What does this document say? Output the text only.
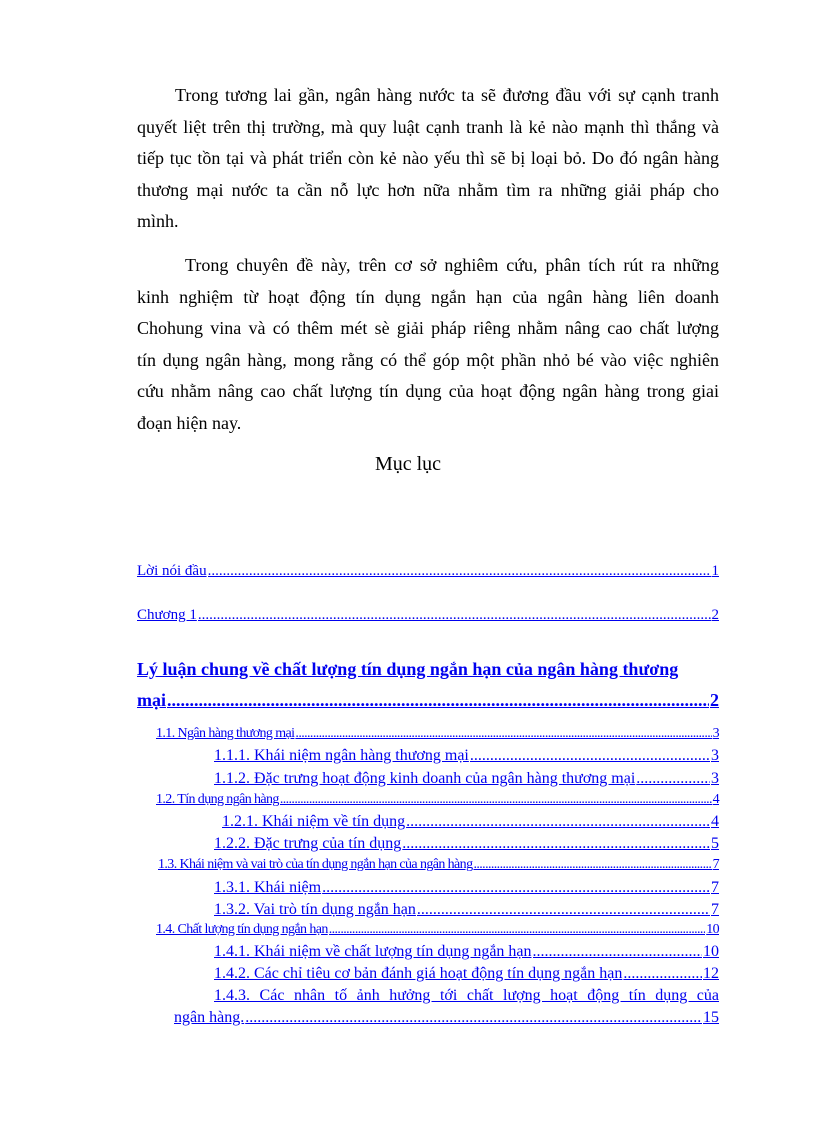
Trong tương lai gần, ngân hàng nước ta sẽ đương đầu với sự cạnh tranh
quyết liệt trên thị trường, mà quy luật cạnh tranh là kẻ nào mạnh thì thắng và
tiếp tục tồn tại và phát triển còn kẻ nào yếu thì sẽ bị loại bỏ. Do đó ngân hàng
thương mại nước ta cần nỗ lực hơn nữa nhằm tìm ra những giải pháp cho
mình.

Trong chuyên đề này, trên cơ sở nghiêm cứu, phân tích rút ra những
kinh nghiệm từ hoạt động tín dụng ngắn hạn của ngân hàng liên doanh
Chohung vina và có thêm mét sè giải pháp riêng nhằm nâng cao chất lượng
tín dụng ngân hàng, mong rằng có thể góp một phần nhỏ bé vào việc nghiên
cứu nhằm nâng cao chất lượng tín dụng của hoạt động ngân hàng trong giai
đoạn hiện nay.

Mục lục
Lời nói đầu .....	1
Chương 1 .....	2
Lý luận chung về chất lượng tín dụng ngắn hạn của ngân hàng thương
mại .....	2
1.1. Ngân hàng thương mại .....	3
1.1.1. Khái niệm ngân hàng thương mại .....	3
1.1.2. Đặc trưng hoạt động kinh doanh của ngân hàng thương mại .....	3
1.2. Tín dụng ngân hàng .....	4
1.2.1. Khái niệm về tín dụng .....	4
1.2.2. Đặc trưng của tín dụng .....	5
1.3. Khái niệm và vai trò của tín dụng ngắn hạn của ngân hàng .....	7
1.3.1. Khái niệm .....	7
1.3.2. Vai trò tín dụng ngắn hạn .....	7
1.4. Chất lượng tín dụng ngắn hạn .....	10
1.4.1. Khái niệm về chất lượng tín dụng ngắn hạn .....	10
1.4.2. Các chỉ tiêu cơ bản đánh giá hoạt động tín dụng ngắn hạn .....	12
1.4.3. Các nhân tố ảnh hưởng tới chất lượng hoạt động tín dụng của
ngân hàng. .....	15
